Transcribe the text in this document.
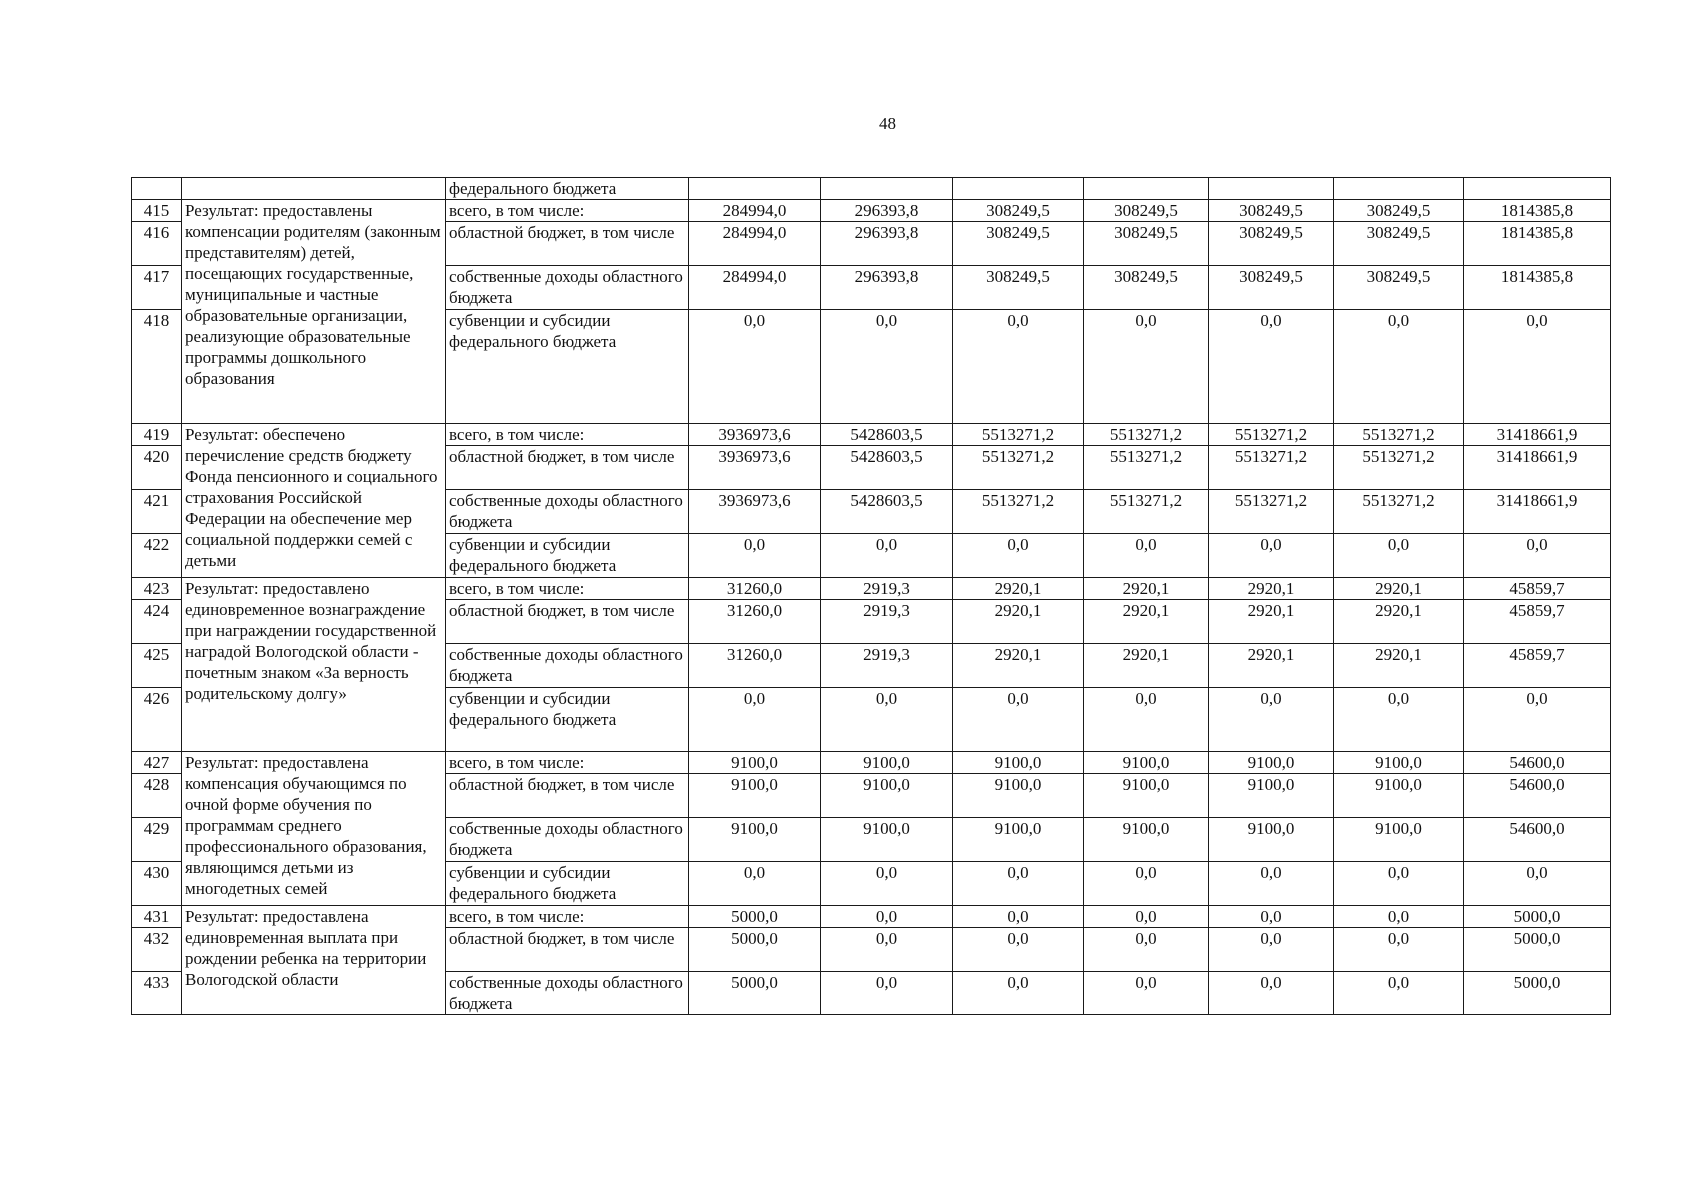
48
		федерального бюджета							
415	Результат: предоставлены компенсации родителям (законным представителям) детей, посещающих государственные, муниципальные и частные образовательные организации, реализующие образовательные программы дошкольного образования	всего, в том числе:	284994,0	296393,8	308249,5	308249,5	308249,5	308249,5	1814385,8
416		областной бюджет, в том числе	284994,0	296393,8	308249,5	308249,5	308249,5	308249,5	1814385,8
417		собственные доходы областного бюджета	284994,0	296393,8	308249,5	308249,5	308249,5	308249,5	1814385,8
418		субвенции и субсидии федерального бюджета	0,0	0,0	0,0	0,0	0,0	0,0	0,0
419	Результат: обеспечено перечисление средств бюджету Фонда пенсионного и социального страхования Российской Федерации на обеспечение мер социальной поддержки семей с детьми	всего, в том числе:	3936973,6	5428603,5	5513271,2	5513271,2	5513271,2	5513271,2	31418661,9
420		областной бюджет, в том числе	3936973,6	5428603,5	5513271,2	5513271,2	5513271,2	5513271,2	31418661,9
421		собственные доходы областного бюджета	3936973,6	5428603,5	5513271,2	5513271,2	5513271,2	5513271,2	31418661,9
422		субвенции и субсидии федерального бюджета	0,0	0,0	0,0	0,0	0,0	0,0	0,0
423	Результат: предоставлено единовременное вознаграждение при награждении государственной наградой Вологодской области - почетным знаком «За верность родительскому долгу»	всего, в том числе:	31260,0	2919,3	2920,1	2920,1	2920,1	2920,1	45859,7
424		областной бюджет, в том числе	31260,0	2919,3	2920,1	2920,1	2920,1	2920,1	45859,7
425		собственные доходы областного бюджета	31260,0	2919,3	2920,1	2920,1	2920,1	2920,1	45859,7
426		субвенции и субсидии федерального бюджета	0,0	0,0	0,0	0,0	0,0	0,0	0,0
427	Результат: предоставлена компенсация обучающимся по очной форме обучения по программам среднего профессионального образования, являющимся детьми из многодетных семей	всего, в том числе:	9100,0	9100,0	9100,0	9100,0	9100,0	9100,0	54600,0
428		областной бюджет, в том числе	9100,0	9100,0	9100,0	9100,0	9100,0	9100,0	54600,0
429		собственные доходы областного бюджета	9100,0	9100,0	9100,0	9100,0	9100,0	9100,0	54600,0
430		субвенции и субсидии федерального бюджета	0,0	0,0	0,0	0,0	0,0	0,0	0,0
431	Результат: предоставлена единовременная выплата при рождении ребенка на территории Вологодской области	всего, в том числе:	5000,0	0,0	0,0	0,0	0,0	0,0	5000,0
432		областной бюджет, в том числе	5000,0	0,0	0,0	0,0	0,0	0,0	5000,0
433		собственные доходы областного бюджета	5000,0	0,0	0,0	0,0	0,0	0,0	5000,0
